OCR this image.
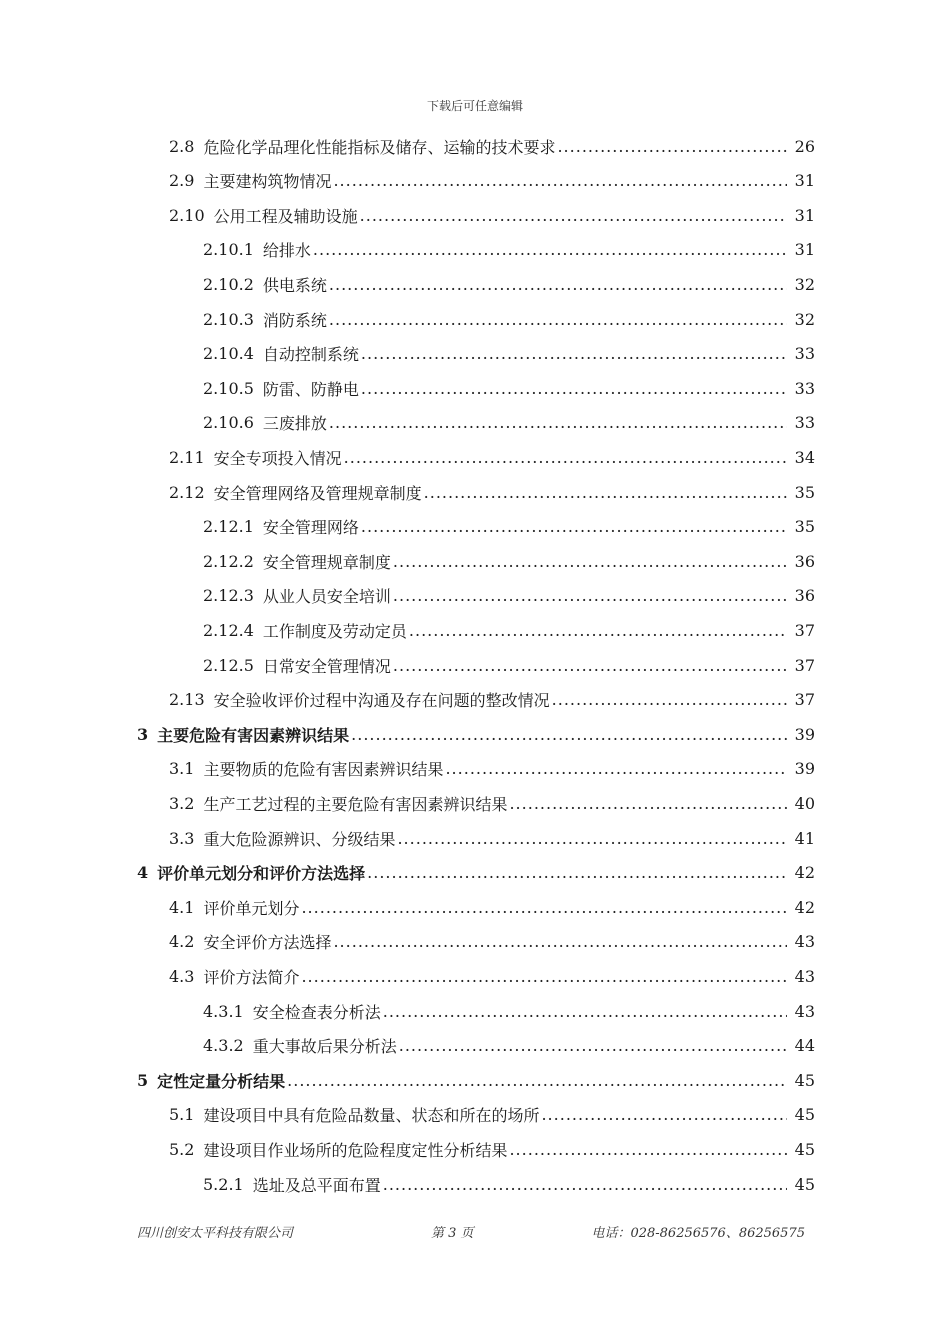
下载后可任意编辑
2.8 危险化学品理化性能指标及储存、运输的技术要求 .....	26
2.9 主要建构筑物情况 .....	31
2.10 公用工程及辅助设施 .....	31
2.10.1 给排水 .....	31
2.10.2 供电系统 .....	32
2.10.3 消防系统 .....	32
2.10.4 自动控制系统 .....	33
2.10.5 防雷、防静电 .....	33
2.10.6 三废排放 .....	33
2.11 安全专项投入情况 .....	34
2.12 安全管理网络及管理规章制度 .....	35
2.12.1 安全管理网络 .....	35
2.12.2 安全管理规章制度 .....	36
2.12.3 从业人员安全培训 .....	36
2.12.4 工作制度及劳动定员 .....	37
2.12.5 日常安全管理情况 .....	37
2.13 安全验收评价过程中沟通及存在问题的整改情况 .....	37
3 主要危险有害因素辨识结果 .....	39
3.1 主要物质的危险有害因素辨识结果 .....	39
3.2 生产工艺过程的主要危险有害因素辨识结果 .....	40
3.3 重大危险源辨识、分级结果 .....	41
4 评价单元划分和评价方法选择 .....	42
4.1 评价单元划分 .....	42
4.2 安全评价方法选择 .....	43
4.3 评价方法简介 .....	43
4.3.1 安全检查表分析法 .....	43
4.3.2 重大事故后果分析法 .....	44
5 定性定量分析结果 .....	45
5.1 建设项目中具有危险品数量、状态和所在的场所 .....	45
5.2 建设项目作业场所的危险程度定性分析结果 .....	45
5.2.1 选址及总平面布置 .....	45
四川创安太平科技有限公司	第 3 页	电话：028-86256576、86256575
